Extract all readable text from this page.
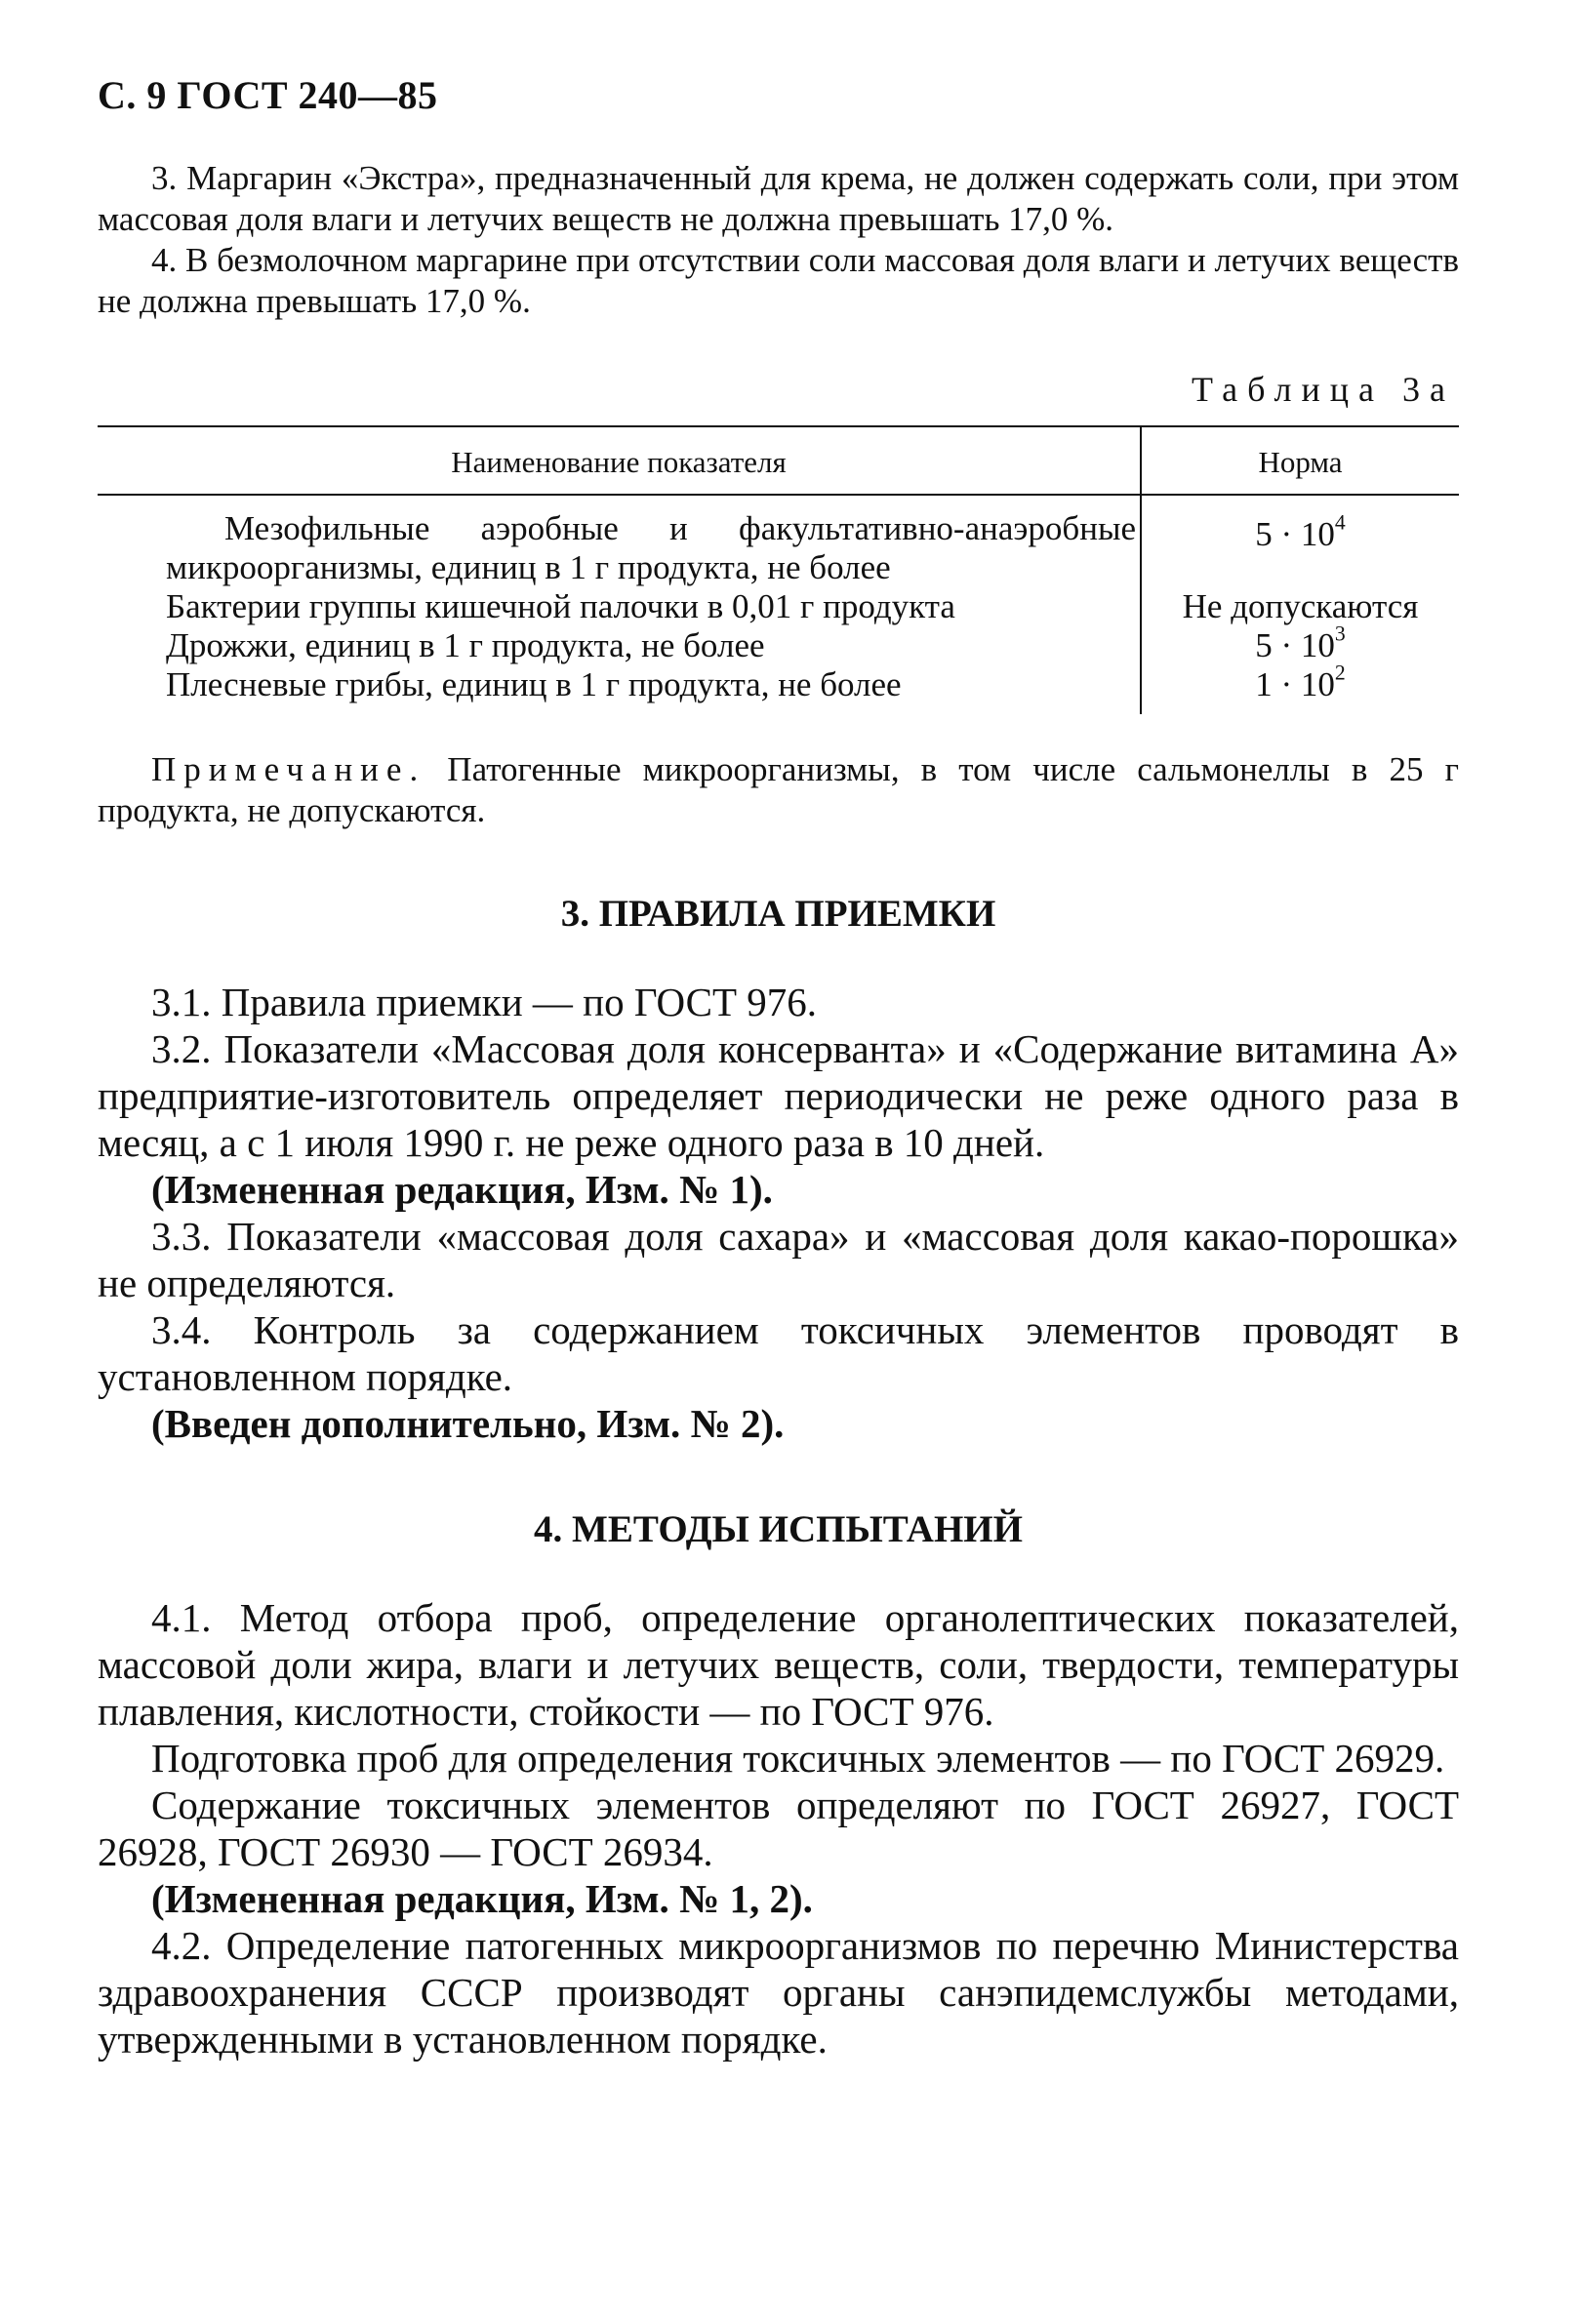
С. 9 ГОСТ 240—85

3. Маргарин «Экстра», предназначенный для крема, не должен содержать соли, при этом массовая доля влаги и летучих веществ не должна превышать 17,0 %.

4. В безмолочном маргарине при отсутствии соли массовая доля влаги и летучих веществ не должна превышать 17,0 %.

Таблица 3а
Наименование показателя	Норма

Мезофильные аэробные и факультативно-анаэробные микроорганизмы, единиц в 1 г продукта, не более	$5 \cdot 10^4$

Бактерии группы кишечной палочки в 0,01 г продукта	Не допускаются

Дрожжи, единиц в 1 г продукта, не более	$5 \cdot 10^3$

Плесневые грибы, единиц в 1 г продукта, не более	$1 \cdot 10^2$

Примечание. Патогенные микроорганизмы, в том числе сальмонеллы в 25 г продукта, не допускаются.

3. ПРАВИЛА ПРИЕМКИ

3.1. Правила приемки — по ГОСТ 976.

3.2. Показатели «Массовая доля консерванта» и «Содержание витамина А» предприятие-изготовитель определяет периодически не реже одного раза в месяц, а с 1 июля 1990 г. не реже одного раза в 10 дней.

(Измененная редакция, Изм. № 1).

3.3. Показатели «массовая доля сахара» и «массовая доля какао-порошка» не определяются.

3.4. Контроль за содержанием токсичных элементов проводят в установленном порядке.

(Введен дополнительно, Изм. № 2).

4. МЕТОДЫ ИСПЫТАНИЙ

4.1. Метод отбора проб, определение органолептических показателей, массовой доли жира, влаги и летучих веществ, соли, твердости, температуры плавления, кислотности, стойкости — по ГОСТ 976.

Подготовка проб для определения токсичных элементов — по ГОСТ 26929.

Содержание токсичных элементов определяют по ГОСТ 26927, ГОСТ 26928, ГОСТ 26930 — ГОСТ 26934.

(Измененная редакция, Изм. № 1, 2).

4.2. Определение патогенных микроорганизмов по перечню Министерства здравоохранения СССР производят органы санэпидемслужбы методами, утвержденными в установленном порядке.
